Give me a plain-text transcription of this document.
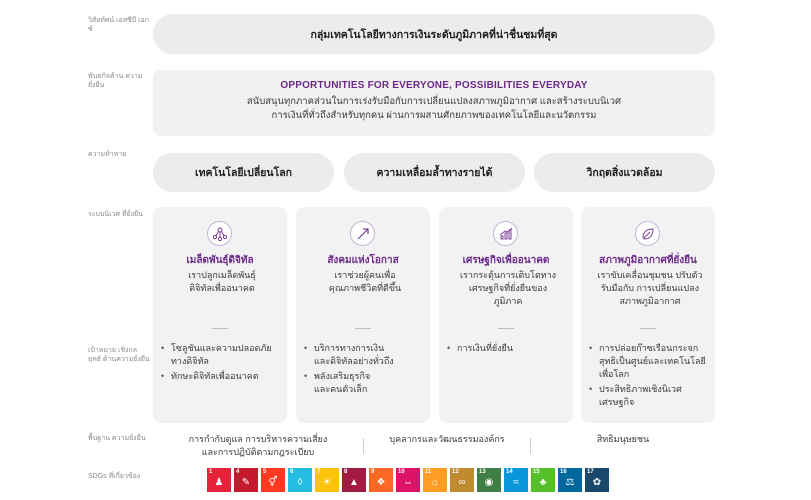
วิสัยทัศน์ เอสซีบี เอกซ์
พันธกิจด้าน ความยั่งยืน
ความท้าทาย
ระบบนิเวศ ที่ยั่งยืน
เป้าหมาย เชิงกลยุทธ์ ด้านความยั่งยืน
พื้นฐาน ความยั่งยืน
SDGs ที่เกี่ยวข้อง
กลุ่มเทคโนโลยีทางการเงินระดับภูมิภาคที่น่าชื่นชมที่สุด
OPPORTUNITIES FOR EVERYONE, POSSIBILITIES EVERYDAY
สนับสนุนทุกภาคส่วนในการเร่งรับมือกับการเปลี่ยนแปลงสภาพภูมิอากาศ และสร้างระบบนิเวศ
การเงินที่ทั่วถึงสำหรับทุกคน ผ่านการผสานศักยภาพของเทคโนโลยีและนวัตกรรม
เทคโนโลยีเปลี่ยนโลก	ความเหลื่อมล้ำทางรายได้	วิกฤตสิ่งแวดล้อม
เมล็ดพันธุ์ดิจิทัล
เราปลูกเมล็ดพันธุ์
ดิจิทัลเพื่ออนาคต
• โซลูชันและความปลอดภัย
ทางดิจิทัล
• ทักษะดิจิทัลเพื่ออนาคต
สังคมแห่งโอกาส
เราช่วยผู้คนเพื่อ
คุณภาพชีวิตที่ดีขึ้น
• บริการทางการเงิน
และดิจิทัลอย่างทั่วถึง
• พลังเสริมธุรกิจ
และคนตัวเล็ก
เศรษฐกิจเพื่ออนาคต
เรากระตุ้นการเติบโตทาง
เศรษฐกิจที่ยั่งยืนของ
ภูมิภาค
• การเงินที่ยั่งยืน
สภาพภูมิอากาศที่ยั่งยืน
เราขับเคลื่อนชุมชน ปรับตัว
รับมือกับ การเปลี่ยนแปลง
สภาพภูมิอากาศ
• การปล่อยก๊าซเรือนกระจก
สุทธิเป็นศูนย์และเทคโนโลยี
เพื่อโลก
• ประสิทธิภาพเชิงนิเวศ
เศรษฐกิจ
การกำกับดูแล การบริหารความเสี่ยง
และการปฏิบัติตามกฎระเบียบ
บุคลากรและวัฒนธรรมองค์กร	สิทธิมนุษยชน
1
♟
4
✎
5
⚥
6
◊
7
☀
8
▲
9
❖
10
⇔
11
⌂
12
∞
13
◉
14
≈
15
♣
16
⚖
17
✿
